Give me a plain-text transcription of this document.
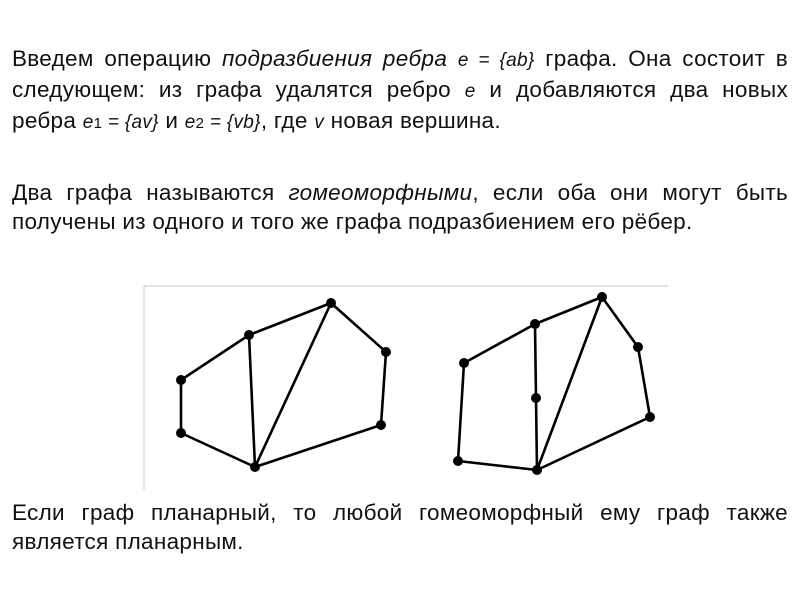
Введем операцию подразбиения ребра e = {ab} графа. Она состоит в следующем: из графа удалятся ребро e и добавляются два новых ребра e1 = {av} и e2 = {vb}, где v новая вершина.
Два графа называются гомеоморфными, если оба они могут быть получены из одного и того же графа подразбиением его рёбер.
Если граф планарный, то любой гомеоморфный ему граф также является планарным.
